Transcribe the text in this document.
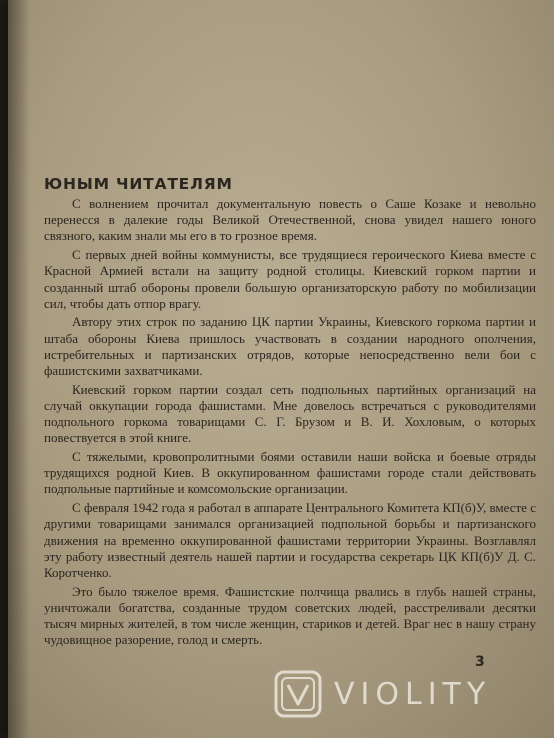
ЮНЫМ ЧИТАТЕЛЯМ

С волнением прочитал документальную повесть о Саше Козаке и невольно перенесся в далекие годы Великой Отечественной, снова увидел нашего юного связного, каким знали мы его в то грозное время.

С первых дней войны коммунисты, все трудящиеся героического Киева вместе с Красной Армией встали на защиту родной столицы. Киевский горком партии и созданный штаб обороны провели большую организаторскую работу по мобилизации сил, чтобы дать отпор врагу.

Автору этих строк по заданию ЦК партии Украины, Киевского горкома партии и штаба обороны Киева пришлось участвовать в создании народного ополчения, истребительных и партизанских отрядов, которые непосредственно вели бои с фашистскими захватчиками.

Киевский горком партии создал сеть подпольных партийных организаций на случай оккупации города фашистами. Мне довелось встречаться с руководителями подпольного горкома товарищами С. Г. Брузом и В. И. Хохловым, о которых повествуется в этой книге.

С тяжелыми, кровопролитными боями оставили наши войска и боевые отряды трудящихся родной Киев. В оккупированном фашистами городе стали действовать подпольные партийные и комсомольские организации.

С февраля 1942 года я работал в аппарате Центрального Комитета КП(б)У, вместе с другими товарищами занимался организацией подпольной борьбы и партизанского движения на временно оккупированной фашистами территории Украины. Возглавлял эту работу известный деятель нашей партии и государства секретарь ЦК КП(б)У Д. С. Коротченко.

Это было тяжелое время. Фашистские полчища рвались в глубь нашей страны, уничтожали богатства, созданные трудом советских людей, расстреливали десятки тысяч мирных жителей, в том числе женщин, стариков и детей. Враг нес в нашу страну чудовищное разорение, голод и смерть.

3
VIOLITY
